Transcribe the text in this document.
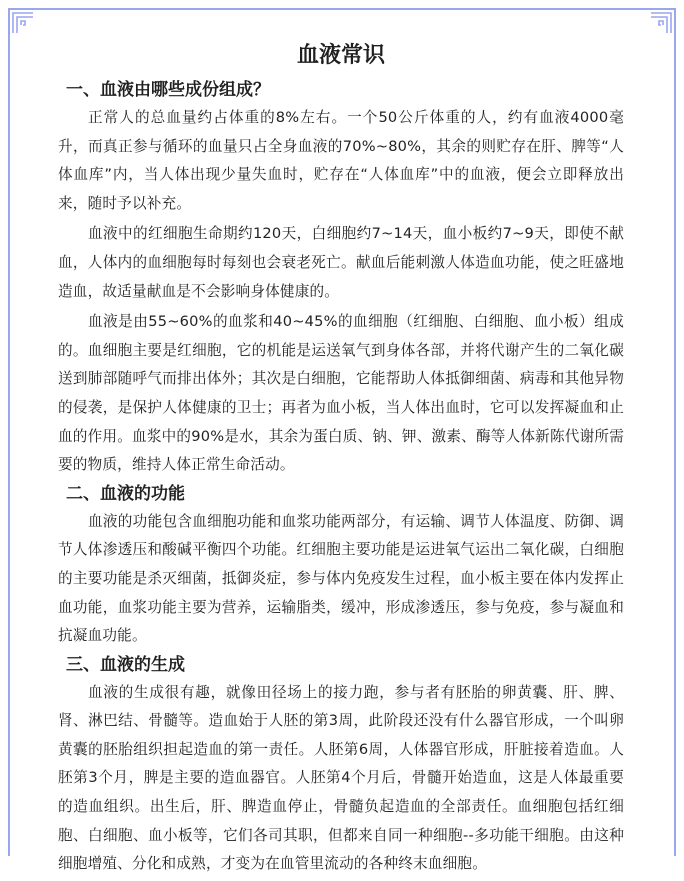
血液常识
一、血液由哪些成份组成？

正常人的总血量约占体重的8%左右。一个50公斤体重的人，约有血液4000毫升，而真正参与循环的血量只占全身血液的70%~80%，其余的则贮存在肝、脾等“人体血库”内，当人体出现少量失血时，贮存在“人体血库”中的血液，便会立即释放出来，随时予以补充。

血液中的红细胞生命期约120天，白细胞约7~14天，血小板约7~9天，即使不献血，人体内的血细胞每时每刻也会衰老死亡。献血后能刺激人体造血功能，使之旺盛地造血，故适量献血是不会影响身体健康的。

血液是由55~60%的血浆和40~45%的血细胞（红细胞、白细胞、血小板）组成的。血细胞主要是红细胞，它的机能是运送氧气到身体各部，并将代谢产生的二氧化碳送到肺部随呼气而排出体外；其次是白细胞，它能帮助人体抵御细菌、病毒和其他异物的侵袭，是保护人体健康的卫士；再者为血小板，当人体出血时，它可以发挥凝血和止血的作用。血浆中的90%是水，其余为蛋白质、钠、钾、激素、酶等人体新陈代谢所需要的物质，维持人体正常生命活动。

二、血液的功能

血液的功能包含血细胞功能和血浆功能两部分，有运输、调节人体温度、防御、调节人体渗透压和酸碱平衡四个功能。红细胞主要功能是运进氧气运出二氧化碳，白细胞的主要功能是杀灭细菌，抵御炎症，参与体内免疫发生过程，血小板主要在体内发挥止血功能，血浆功能主要为营养，运输脂类，缓冲，形成渗透压，参与免疫，参与凝血和抗凝血功能。

三、血液的生成

血液的生成很有趣，就像田径场上的接力跑，参与者有胚胎的卵黄囊、肝、脾、肾、淋巴结、骨髓等。造血始于人胚的第3周，此阶段还没有什么器官形成，一个叫卵黄囊的胚胎组织担起造血的第一责任。人胚第6周，人体器官形成，肝脏接着造血。人胚第3个月，脾是主要的造血器官。人胚第4个月后，骨髓开始造血，这是人体最重要的造血组织。出生后，肝、脾造血停止，骨髓负起造血的全部责任。血细胞包括红细胞、白细胞、血小板等，它们各司其职，但都来自同一种细胞--多功能干细胞。由这种细胞增殖、分化和成熟，才变为在血管里流动的各种终末血细胞。
